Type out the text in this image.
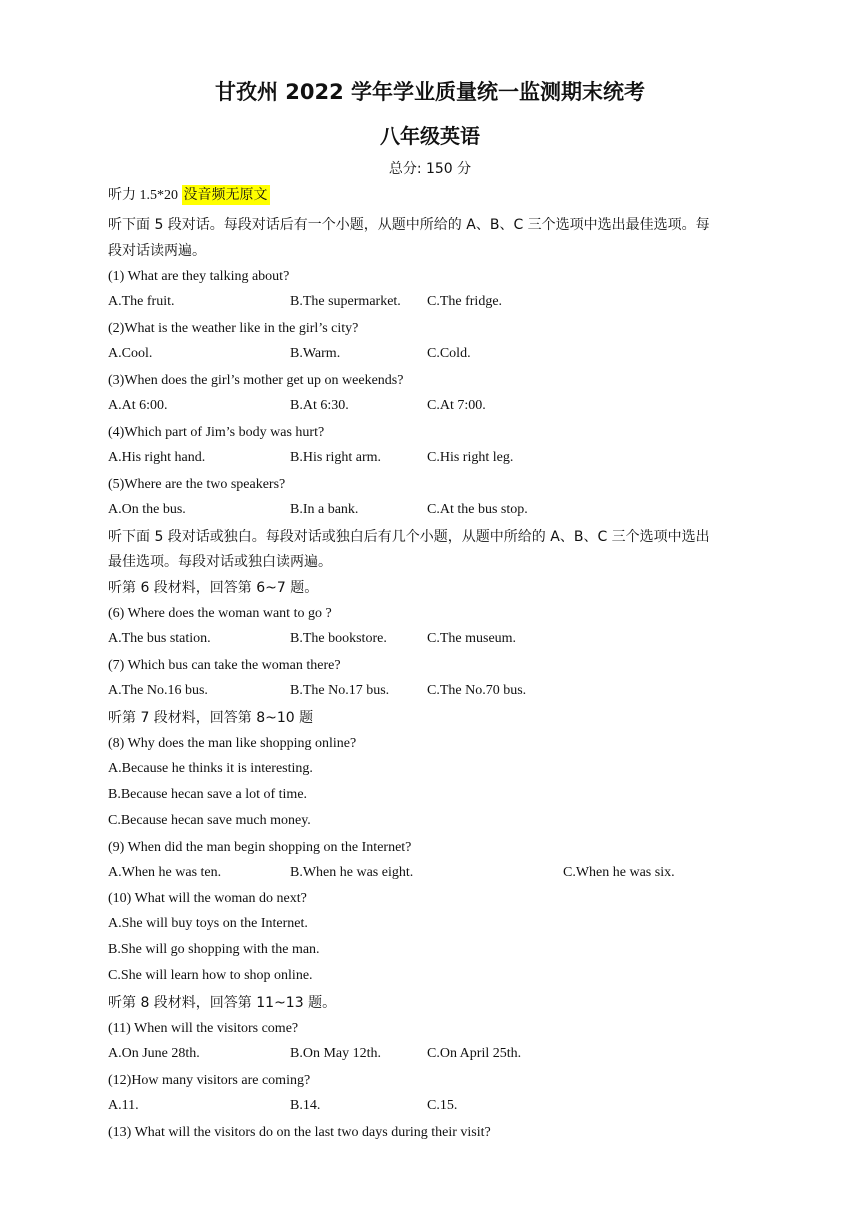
甘孜州 2022 学年学业质量统一监测期末统考
八年级英语
总分: 150 分
听力 1.5*20 没音频无原文
听下面 5 段对话。每段对话后有一个小题，从题中所给的 A、B、C 三个选项中选出最佳选项。每
段对话读两遍。
(1) What are they talking about?
A.The fruit.	B.The supermarket. C.The fridge.
(2)What is the weather like in the girl’s city?
A.Cool.	B.Warm.	C.Cold.
(3)When does the girl’s mother get up on weekends?
A.At 6:00.	B.At 6:30.	C.At 7:00.
(4)Which part of Jim’s body was hurt?
A.His right hand.	B.His right arm.	C.His right leg.
(5)Where are the two speakers?
A.On the bus.	B.In a bank.	C.At the bus stop.
听下面 5 段对话或独白。每段对话或独白后有几个小题，从题中所给的 A、B、C 三个选项中选出
最佳选项。每段对话或独白读两遍。
听第 6 段材料，回答第 6~7 题。
(6) Where does the woman want to go ?
A.The bus station.	B.The bookstore.	C.The museum.
(7) Which bus can take the woman there?
A.The No.16 bus.	B.The No.17 bus.	C.The No.70 bus.
听第 7 段材料，回答第 8~10 题
(8) Why does the man like shopping online?
A.Because he thinks it is interesting.
B.Because hecan save a lot of time.
C.Because hecan save much money.
(9) When did the man begin shopping on the Internet?
A.When he was ten.	B.When he was eight.	C.When he was six.
(10) What will the woman do next?
A.She will buy toys on the Internet.
B.She will go shopping with the man.
C.She will learn how to shop online.
听第 8 段材料，回答第 11~13 题。
(11) When will the visitors come?
A.On June 28th.	B.On May 12th.	C.On April 25th.
(12)How many visitors are coming?
A.11.	B.14.	C.15.
(13) What will the visitors do on the last two days during their visit?
